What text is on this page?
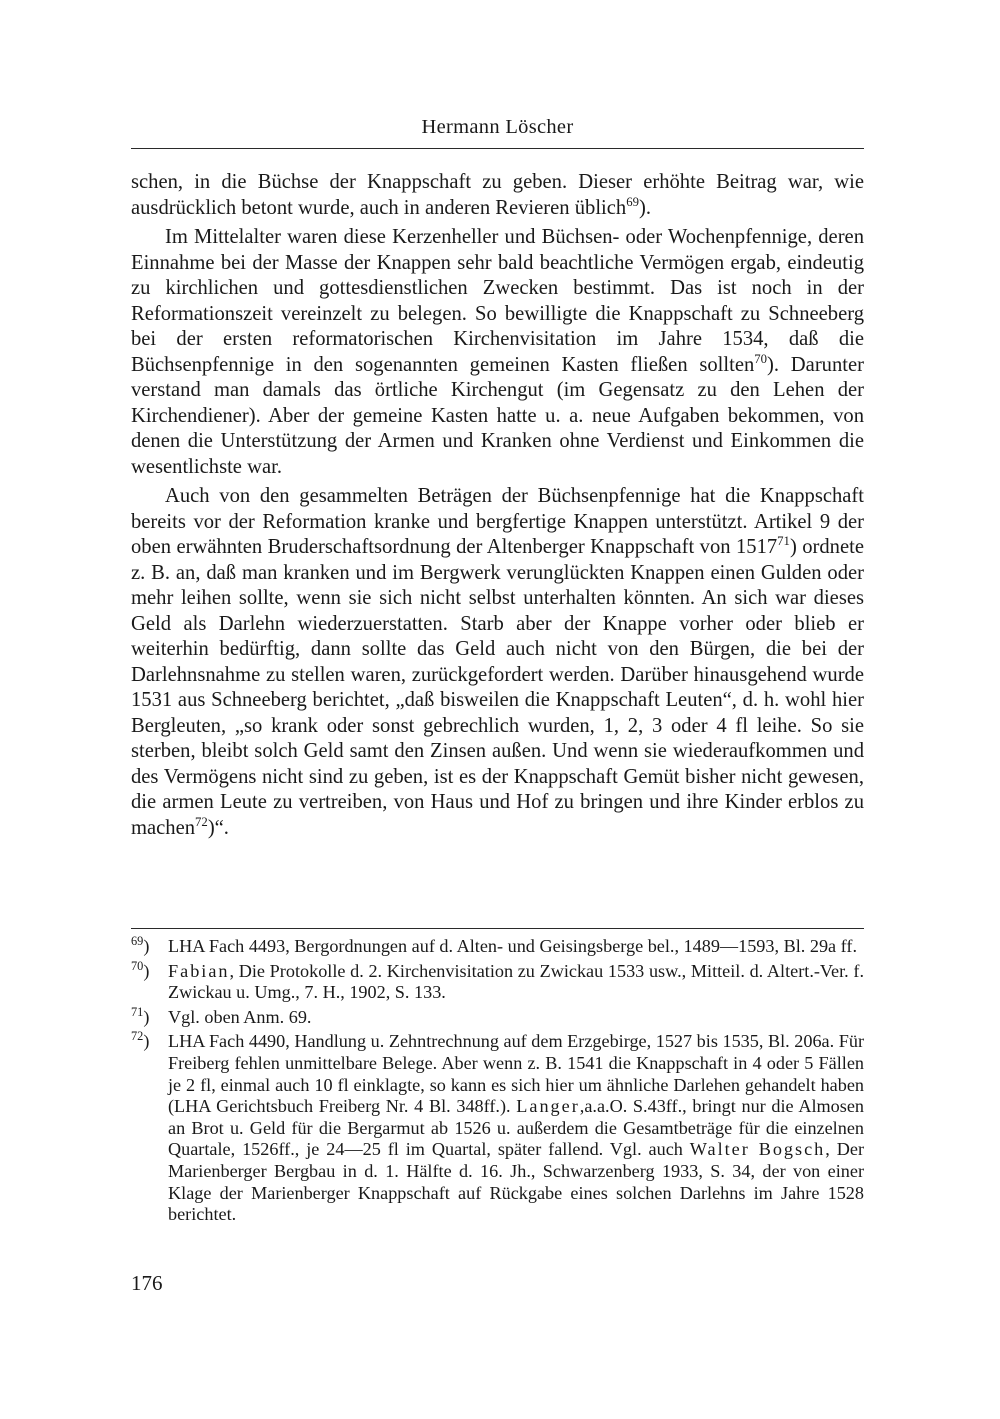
Hermann Löscher

schen, in die Büchse der Knappschaft zu geben. Dieser erhöhte Beitrag war, wie ausdrücklich betont wurde, auch in anderen Revieren üblich$^{69}$).

Im Mittelalter waren diese Kerzenheller und Büchsen- oder Wochenpfennige, deren Einnahme bei der Masse der Knappen sehr bald beachtliche Vermögen ergab, eindeutig zu kirchlichen und gottesdienstlichen Zwecken bestimmt. Das ist noch in der Reformationszeit vereinzelt zu belegen. So bewilligte die Knappschaft zu Schneeberg bei der ersten reformatorischen Kirchenvisitation im Jahre 1534, daß die Büchsenpfennige in den sogenannten gemeinen Kasten fließen sollten$^{70}$). Darunter verstand man damals das örtliche Kirchengut (im Gegensatz zu den Lehen der Kirchendiener). Aber der gemeine Kasten hatte u. a. neue Aufgaben bekommen, von denen die Unterstützung der Armen und Kranken ohne Verdienst und Einkommen die wesentlichste war.

Auch von den gesammelten Beträgen der Büchsenpfennige hat die Knappschaft bereits vor der Reformation kranke und bergfertige Knappen unterstützt. Artikel 9 der oben erwähnten Bruderschaftsordnung der Altenberger Knappschaft von 1517$^{71}$) ordnete z. B. an, daß man kranken und im Bergwerk verunglückten Knappen einen Gulden oder mehr leihen sollte, wenn sie sich nicht selbst unterhalten könnten. An sich war dieses Geld als Darlehn wiederzuerstatten. Starb aber der Knappe vorher oder blieb er weiterhin bedürftig, dann sollte das Geld auch nicht von den Bürgen, die bei der Darlehnsnahme zu stellen waren, zurückgefordert werden. Darüber hinausgehend wurde 1531 aus Schneeberg berichtet, „daß bisweilen die Knappschaft Leuten“, d. h. wohl hier Bergleuten, „so krank oder sonst gebrechlich wurden, 1, 2, 3 oder 4 fl leihe. So sie sterben, bleibt solch Geld samt den Zinsen außen. Und wenn sie wiederaufkommen und des Vermögens nicht sind zu geben, ist es der Knappschaft Gemüt bisher nicht gewesen, die armen Leute zu vertreiben, von Haus und Hof zu bringen und ihre Kinder erblos zu machen$^{72}$)“.

$^{69}$) LHA Fach 4493, Bergordnungen auf d. Alten- und Geisingsberge bel., 1489—1593, Bl. 29a ff.
$^{70}$) Fabian, Die Protokolle d. 2. Kirchenvisitation zu Zwickau 1533 usw., Mitteil. d. Altert.-Ver. f. Zwickau u. Umg., 7. H., 1902, S. 133.
$^{71}$) Vgl. oben Anm. 69.
$^{72}$) LHA Fach 4490, Handlung u. Zehntrechnung auf dem Erzgebirge, 1527 bis 1535, Bl. 206a. Für Freiberg fehlen unmittelbare Belege. Aber wenn z. B. 1541 die Knappschaft in 4 oder 5 Fällen je 2 fl, einmal auch 10 fl einklagte, so kann es sich hier um ähnliche Darlehen gehandelt haben (LHA Gerichtsbuch Freiberg Nr. 4 Bl. 348ff.). Langer,a.a.O. S.43ff., bringt nur die Almosen an Brot u. Geld für die Bergarmut ab 1526 u. außerdem die Gesamtbeträge für die einzelnen Quartale, 1526ff., je 24—25 fl im Quartal, später fallend. Vgl. auch Walter Bogsch, Der Marienberger Bergbau in d. 1. Hälfte d. 16. Jh., Schwarzenberg 1933, S. 34, der von einer Klage der Marienberger Knappschaft auf Rückgabe eines solchen Darlehns im Jahre 1528 berichtet.
176
